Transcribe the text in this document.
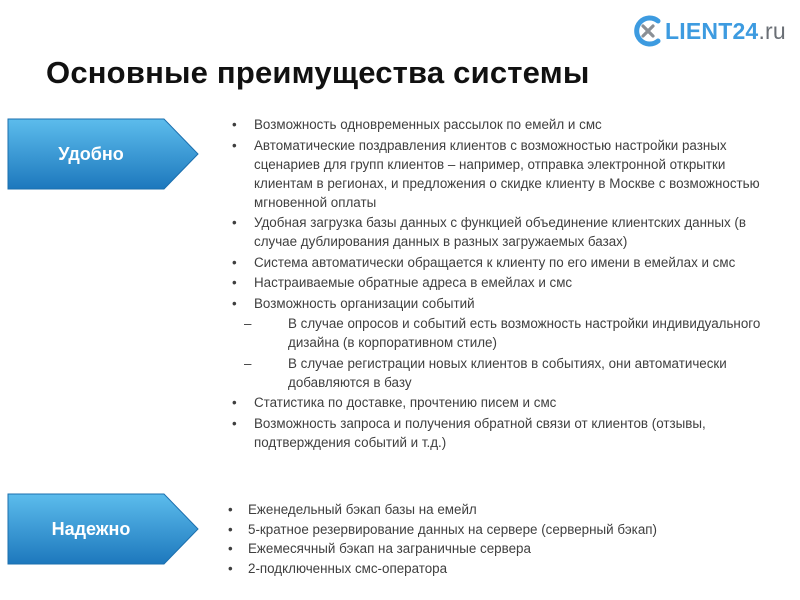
LIENT24.ru
Основные преимущества системы
Удобно
• Возможность одновременных рассылок по емейл и смс
• Автоматические поздравления клиентов с возможностью настройки разных сценариев для групп клиентов – например, отправка электронной открытки клиентам в регионах, и предложения о скидке клиенту в Москве с возможностью мгновенной оплаты
• Удобная загрузка базы данных с функцией объединение клиентских данных (в случае дублирования данных в разных загружаемых базах)
• Система автоматически обращается к клиенту по его имени в емейлах и смс
• Настраиваемые обратные адреса в емейлах и смс
• Возможность организации событий
– В случае опросов и событий есть возможность настройки индивидуального дизайна (в корпоративном стиле)
– В случае регистрации новых клиентов в событиях, они автоматически добавляются в базу
• Статистика по доставке, прочтению писем и смс
• Возможность запроса и получения обратной связи от клиентов (отзывы, подтверждения событий и т.д.)
Надежно
• Еженедельный бэкап базы на емейл
• 5-кратное резервирование данных на сервере (серверный бэкап)
• Ежемесячный бэкап на заграничные сервера
• 2-подключенных смс-оператора
